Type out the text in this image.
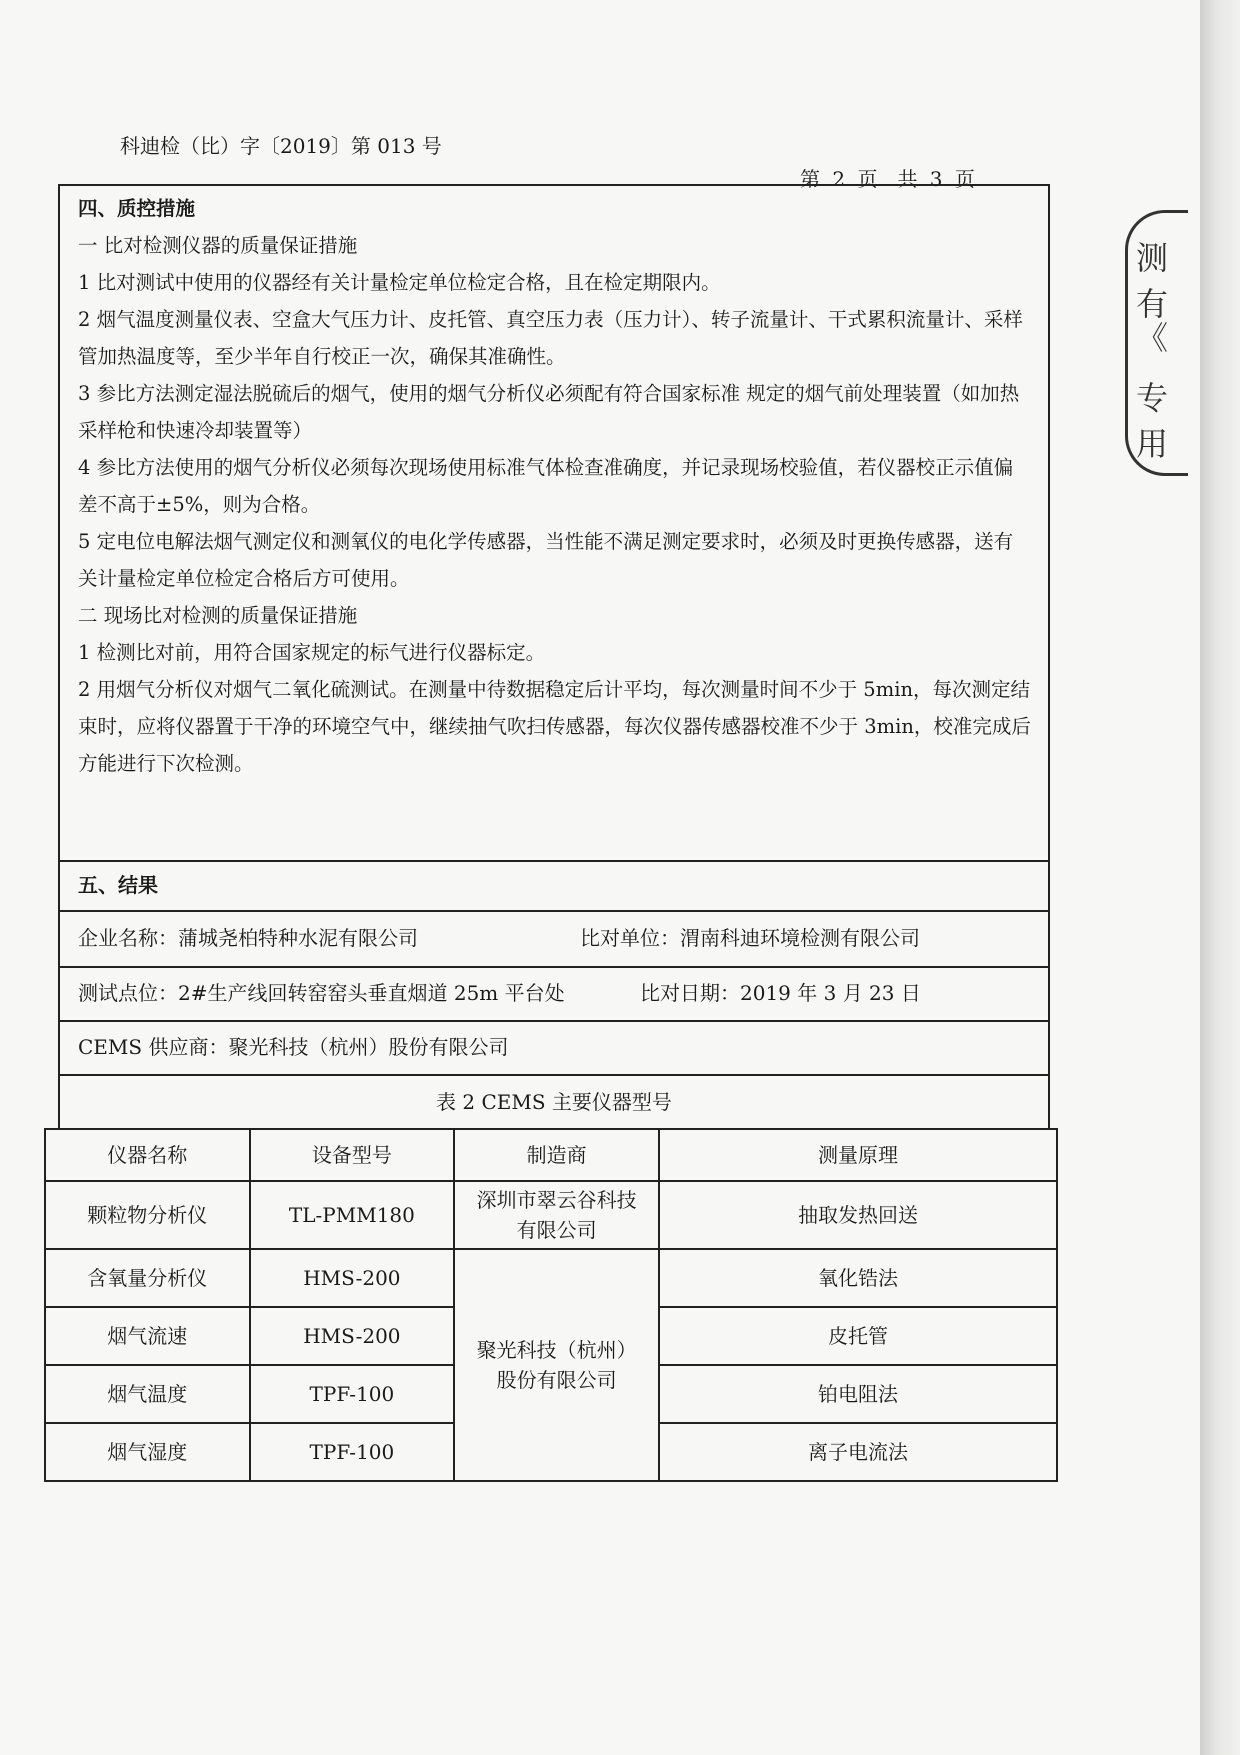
科迪检（比）字〔2019〕第 013 号
第 2 页　共 3 页

四、质控措施

一 比对检测仪器的质量保证措施

1 比对测试中使用的仪器经有关计量检定单位检定合格，且在检定期限内。

2 烟气温度测量仪表、空盒大气压力计、皮托管、真空压力表（压力计）、转子流量计、干式累积流量计、采样管加热温度等，至少半年自行校正一次，确保其准确性。

3 参比方法测定湿法脱硫后的烟气，使用的烟气分析仪必须配有符合国家标准 规定的烟气前处理装置（如加热采样枪和快速冷却装置等）

4 参比方法使用的烟气分析仪必须每次现场使用标准气体检查准确度，并记录现场校验值，若仪器校正示值偏差不高于±5%，则为合格。

5 定电位电解法烟气测定仪和测氧仪的电化学传感器，当性能不满足测定要求时，必须及时更换传感器，送有关计量检定单位检定合格后方可使用。

二 现场比对检测的质量保证措施

1 检测比对前，用符合国家规定的标气进行仪器标定。

2 用烟气分析仪对烟气二氧化硫测试。在测量中待数据稳定后计平均，每次测量时间不少于 5min，每次测定结束时，应将仪器置于干净的环境空气中，继续抽气吹扫传感器，每次仪器传感器校准不少于 3min，校准完成后方能进行下次检测。

五、结果
企业名称：蒲城尧柏特种水泥有限公司	比对单位：渭南科迪环境检测有限公司
测试点位：2#生产线回转窑窑头垂直烟道 25m 平台处	比对日期：2019 年 3 月 23 日
CEMS 供应商：聚光科技（杭州）股份有限公司
表 2 CEMS 主要仪器型号
仪器名称	设备型号	制造商	测量原理
颗粒物分析仪	TL-PMM180	深圳市翠云谷科技有限公司	抽取发热回送
含氧量分析仪	HMS-200	聚光科技（杭州）股份有限公司	氧化锆法
烟气流速	HMS-200		皮托管
烟气温度	TPF-100		铂电阻法
烟气湿度	TPF-100		离子电流法
测有
《
专用
